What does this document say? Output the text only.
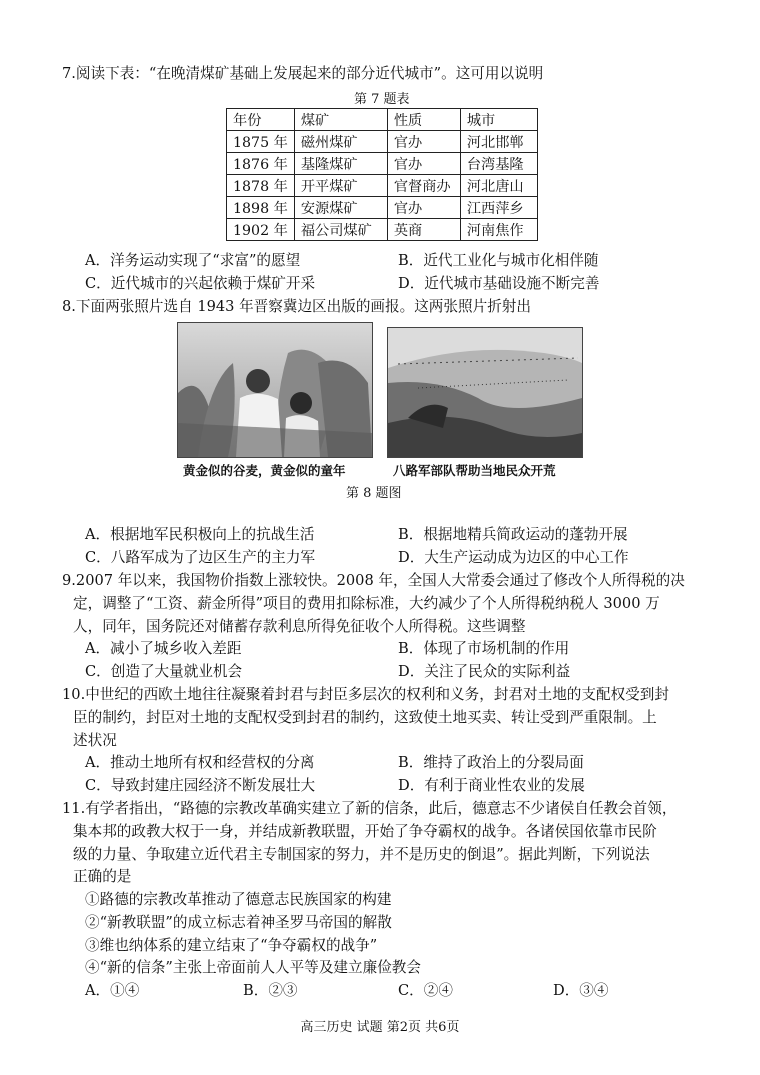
7.阅读下表：“在晚清煤矿基础上发展起来的部分近代城市”。这可用以说明
第 7 题表
年份	煤矿	性质	城市
1875 年	磁州煤矿	官办	河北邯郸
1876 年	基隆煤矿	官办	台湾基隆
1878 年	开平煤矿	官督商办	河北唐山
1898 年	安源煤矿	官办	江西萍乡
1902 年	福公司煤矿	英商	河南焦作
A．洋务运动实现了“求富”的愿望	B．近代工业化与城市化相伴随
C．近代城市的兴起依赖于煤矿开采	D．近代城市基础设施不断完善
8.下面两张照片选自 1943 年晋察冀边区出版的画报。这两张照片折射出
黄金似的谷麦，黄金似的童年	八路军部队帮助当地民众开荒
第 8 题图
A．根据地军民积极向上的抗战生活	B．根据地精兵简政运动的蓬勃开展
C．八路军成为了边区生产的主力军	D．大生产运动成为边区的中心工作
9.2007 年以来，我国物价指数上涨较快。2008 年，全国人大常委会通过了修改个人所得税的决
定，调整了“工资、薪金所得”项目的费用扣除标准，大约减少了个人所得税纳税人 3000 万
人，同年，国务院还对储蓄存款利息所得免征收个人所得税。这些调整
A．减小了城乡收入差距	B．体现了市场机制的作用
C．创造了大量就业机会	D．关注了民众的实际利益
10.中世纪的西欧土地往往凝聚着封君与封臣多层次的权利和义务，封君对土地的支配权受到封
臣的制约，封臣对土地的支配权受到封君的制约，这致使土地买卖、转让受到严重限制。上
述状况
A．推动土地所有权和经营权的分离	B．维持了政治上的分裂局面
C．导致封建庄园经济不断发展壮大	D．有利于商业性农业的发展
11.有学者指出，“路德的宗教改革确实建立了新的信条，此后，德意志不少诸侯自任教会首领，
集本邦的政教大权于一身，并结成新教联盟，开始了争夺霸权的战争。各诸侯国依靠市民阶
级的力量、争取建立近代君主专制国家的努力，并不是历史的倒退”。据此判断，下列说法
正确的是
①路德的宗教改革推动了德意志民族国家的构建
②“新教联盟”的成立标志着神圣罗马帝国的解散
③维也纳体系的建立结束了“争夺霸权的战争”
④“新的信条”主张上帝面前人人平等及建立廉俭教会
A．①④	B．②③	C．②④	D．③④
高三历史 试题 第2页 共6页
